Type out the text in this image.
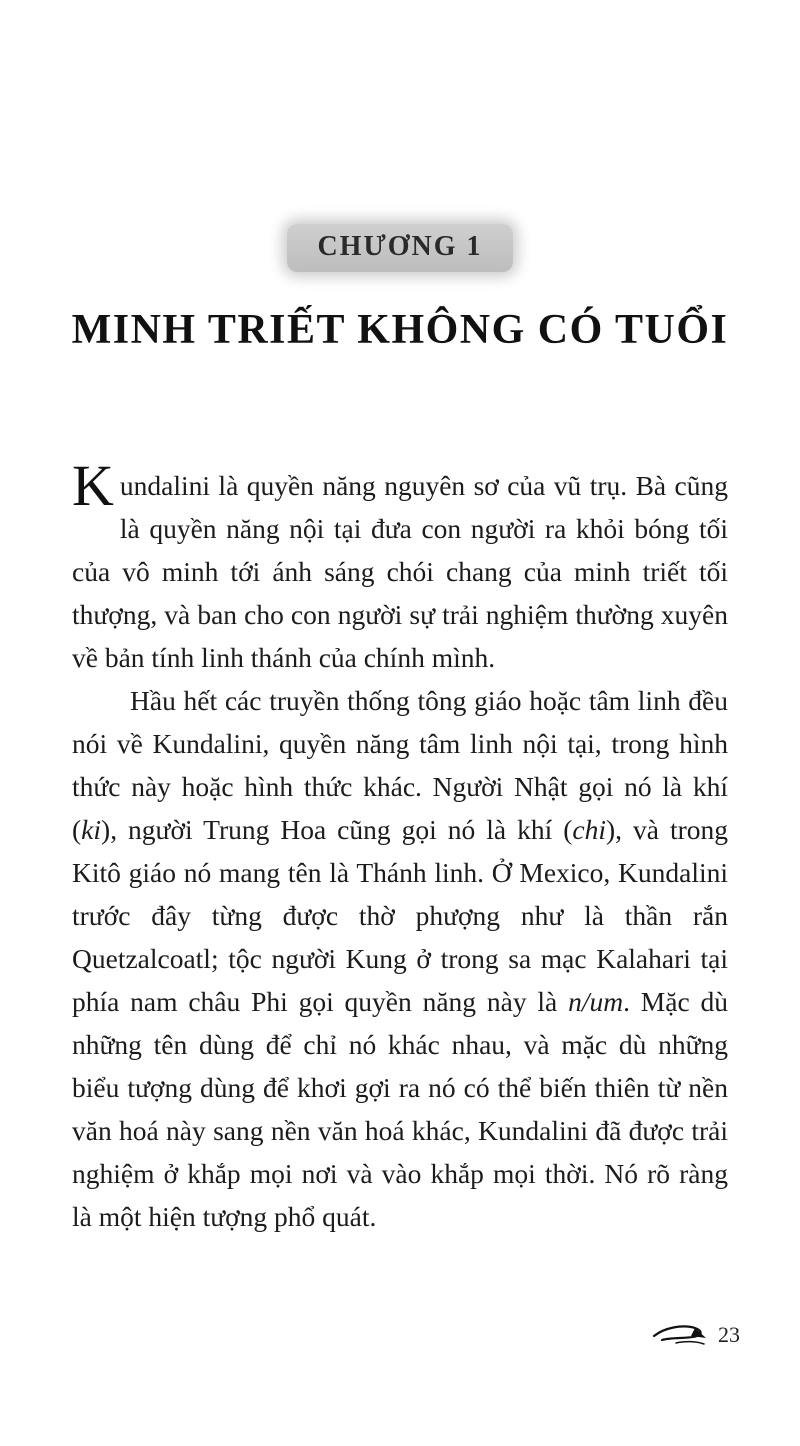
CHƯƠNG 1
MINH TRIẾT KHÔNG CÓ TUỔI

Kundalini là quyền năng nguyên sơ của vũ trụ. Bà cũng là quyền năng nội tại đưa con người ra khỏi bóng tối của vô minh tới ánh sáng chói chang của minh triết tối thượng, và ban cho con người sự trải nghiệm thường xuyên về bản tính linh thánh của chính mình.

Hầu hết các truyền thống tông giáo hoặc tâm linh đều nói về Kundalini, quyền năng tâm linh nội tại, trong hình thức này hoặc hình thức khác. Người Nhật gọi nó là khí (ki), người Trung Hoa cũng gọi nó là khí (chi), và trong Kitô giáo nó mang tên là Thánh linh. Ở Mexico, Kundalini trước đây từng được thờ phượng như là thần rắn Quetzalcoatl; tộc người Kung ở trong sa mạc Kalahari tại phía nam châu Phi gọi quyền năng này là n/um. Mặc dù những tên dùng để chỉ nó khác nhau, và mặc dù những biểu tượng dùng để khơi gợi ra nó có thể biến thiên từ nền văn hoá này sang nền văn hoá khác, Kundalini đã được trải nghiệm ở khắp mọi nơi và vào khắp mọi thời. Nó rõ ràng là một hiện tượng phổ quát.

23
